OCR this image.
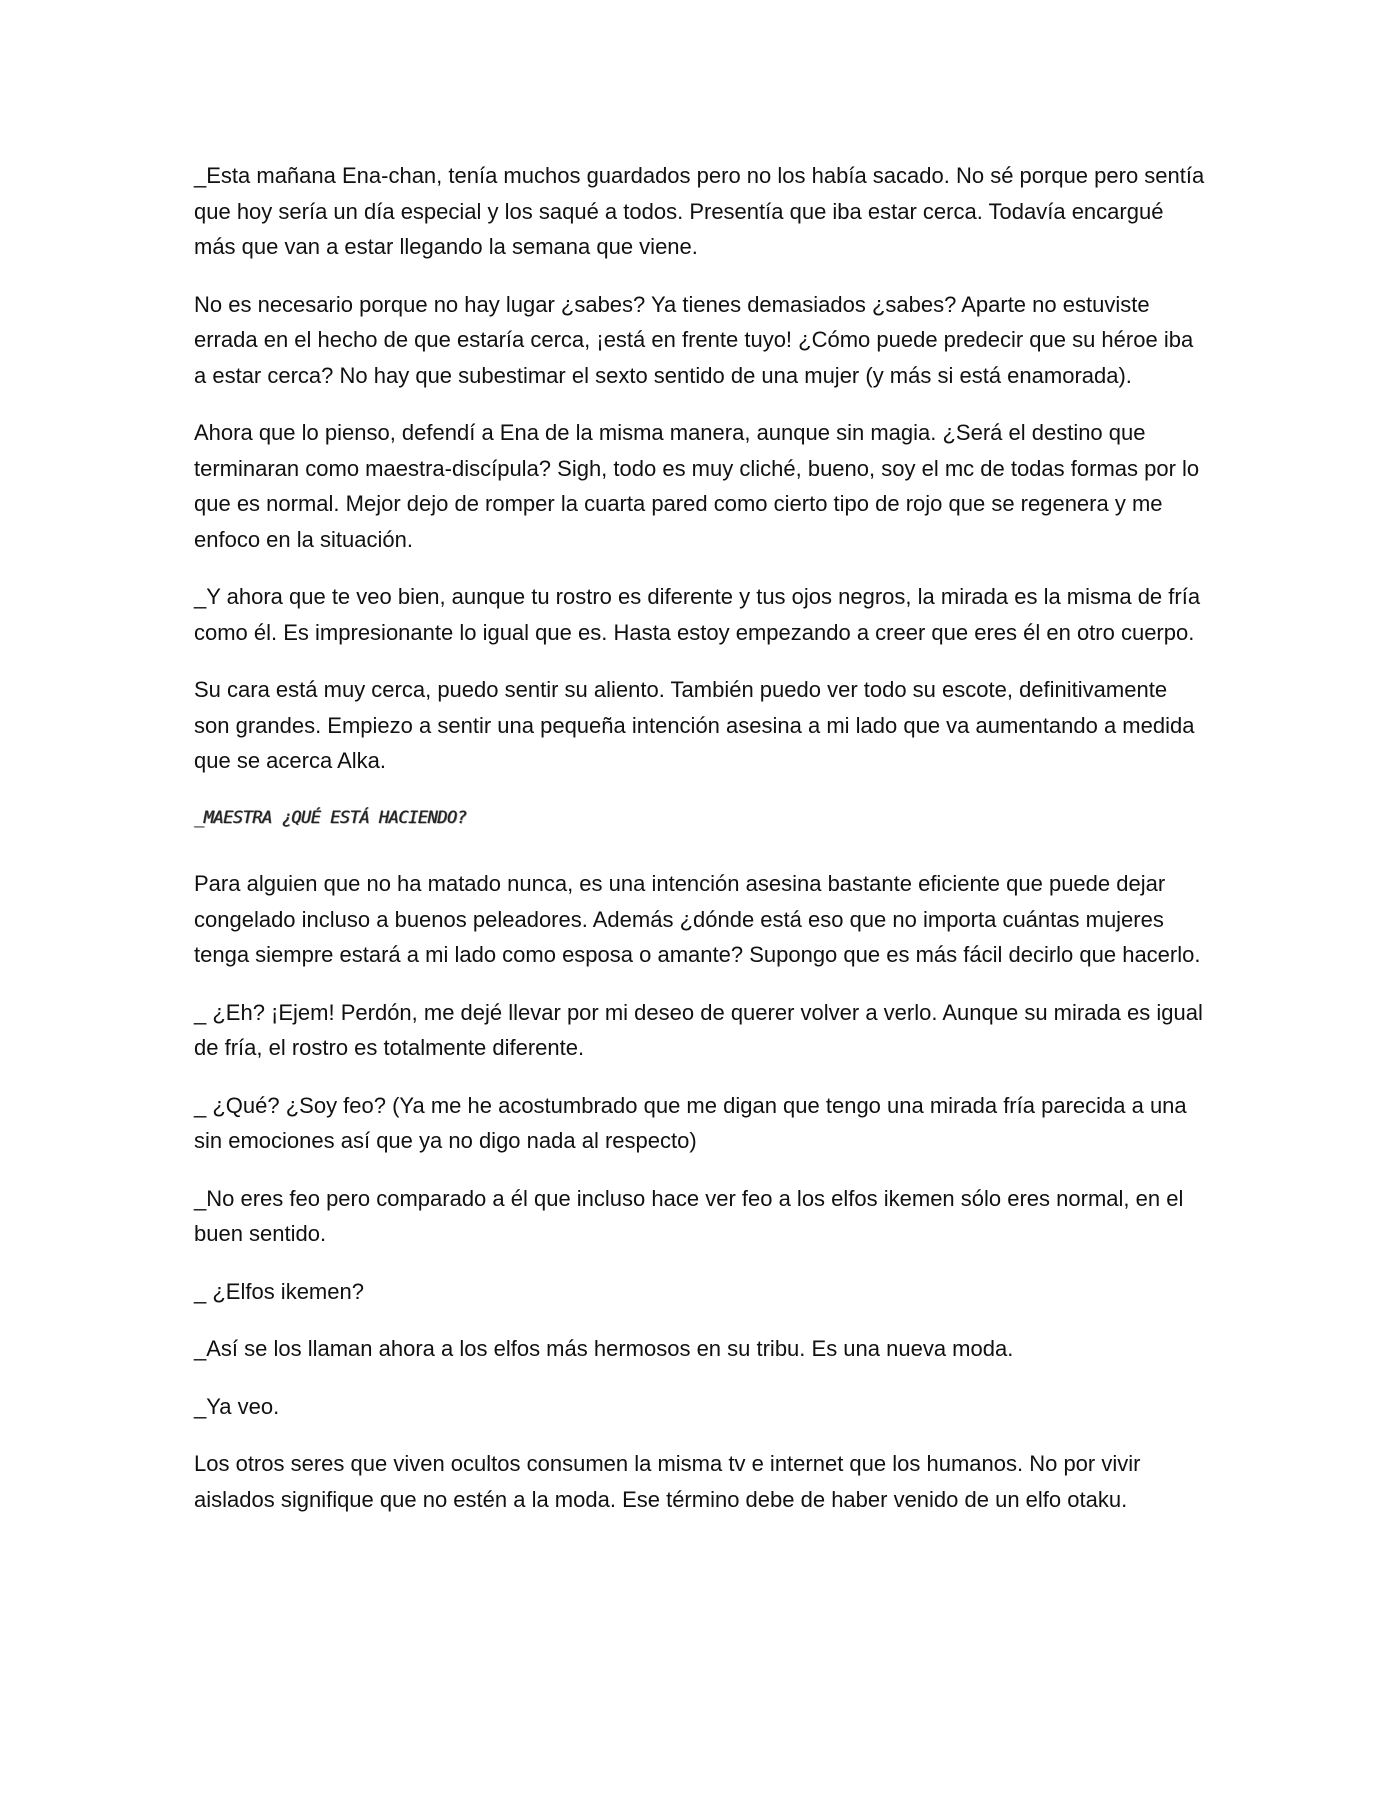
_Esta mañana Ena-chan, tenía muchos guardados pero no los había sacado. No sé porque pero sentía que hoy sería un día especial y los saqué a todos. Presentía que iba estar cerca. Todavía encargué más que van a estar llegando la semana que viene.

No es necesario porque no hay lugar ¿sabes? Ya tienes demasiados ¿sabes? Aparte no estuviste errada en el hecho de que estaría cerca, ¡está en frente tuyo! ¿Cómo puede predecir que su héroe iba a estar cerca? No hay que subestimar el sexto sentido de una mujer (y más si está enamorada).

Ahora que lo pienso, defendí a Ena de la misma manera, aunque sin magia. ¿Será el destino que terminaran como maestra-discípula? Sigh, todo es muy cliché, bueno, soy el mc de todas formas por lo que es normal. Mejor dejo de romper la cuarta pared como cierto tipo de rojo que se regenera y me enfoco en la situación.

_Y ahora que te veo bien, aunque tu rostro es diferente y tus ojos negros, la mirada es la misma de fría como él. Es impresionante lo igual que es. Hasta estoy empezando a creer que eres él en otro cuerpo.

Su cara está muy cerca, puedo sentir su aliento. También puedo ver todo su escote, definitivamente son grandes. Empiezo a sentir una pequeña intención asesina a mi lado que va aumentando a medida que se acerca Alka.

_MAESTRA ¿QUÉ ESTÁ HACIENDO?

Para alguien que no ha matado nunca, es una intención asesina bastante eficiente que puede dejar congelado incluso a buenos peleadores. Además ¿dónde está eso que no importa cuántas mujeres tenga siempre estará a mi lado como esposa o amante? Supongo que es más fácil decirlo que hacerlo.

_ ¿Eh? ¡Ejem! Perdón, me dejé llevar por mi deseo de querer volver a verlo. Aunque su mirada es igual de fría, el rostro es totalmente diferente.

_ ¿Qué? ¿Soy feo? (Ya me he acostumbrado que me digan que tengo una mirada fría parecida a una sin emociones así que ya no digo nada al respecto)

_No eres feo pero comparado a él que incluso hace ver feo a los elfos ikemen sólo eres normal, en el buen sentido.

_ ¿Elfos ikemen?

_Así se los llaman ahora a los elfos más hermosos en su tribu. Es una nueva moda.

_Ya veo.

Los otros seres que viven ocultos consumen la misma tv e internet que los humanos. No por vivir aislados signifique que no estén a la moda. Ese término debe de haber venido de un elfo otaku.
